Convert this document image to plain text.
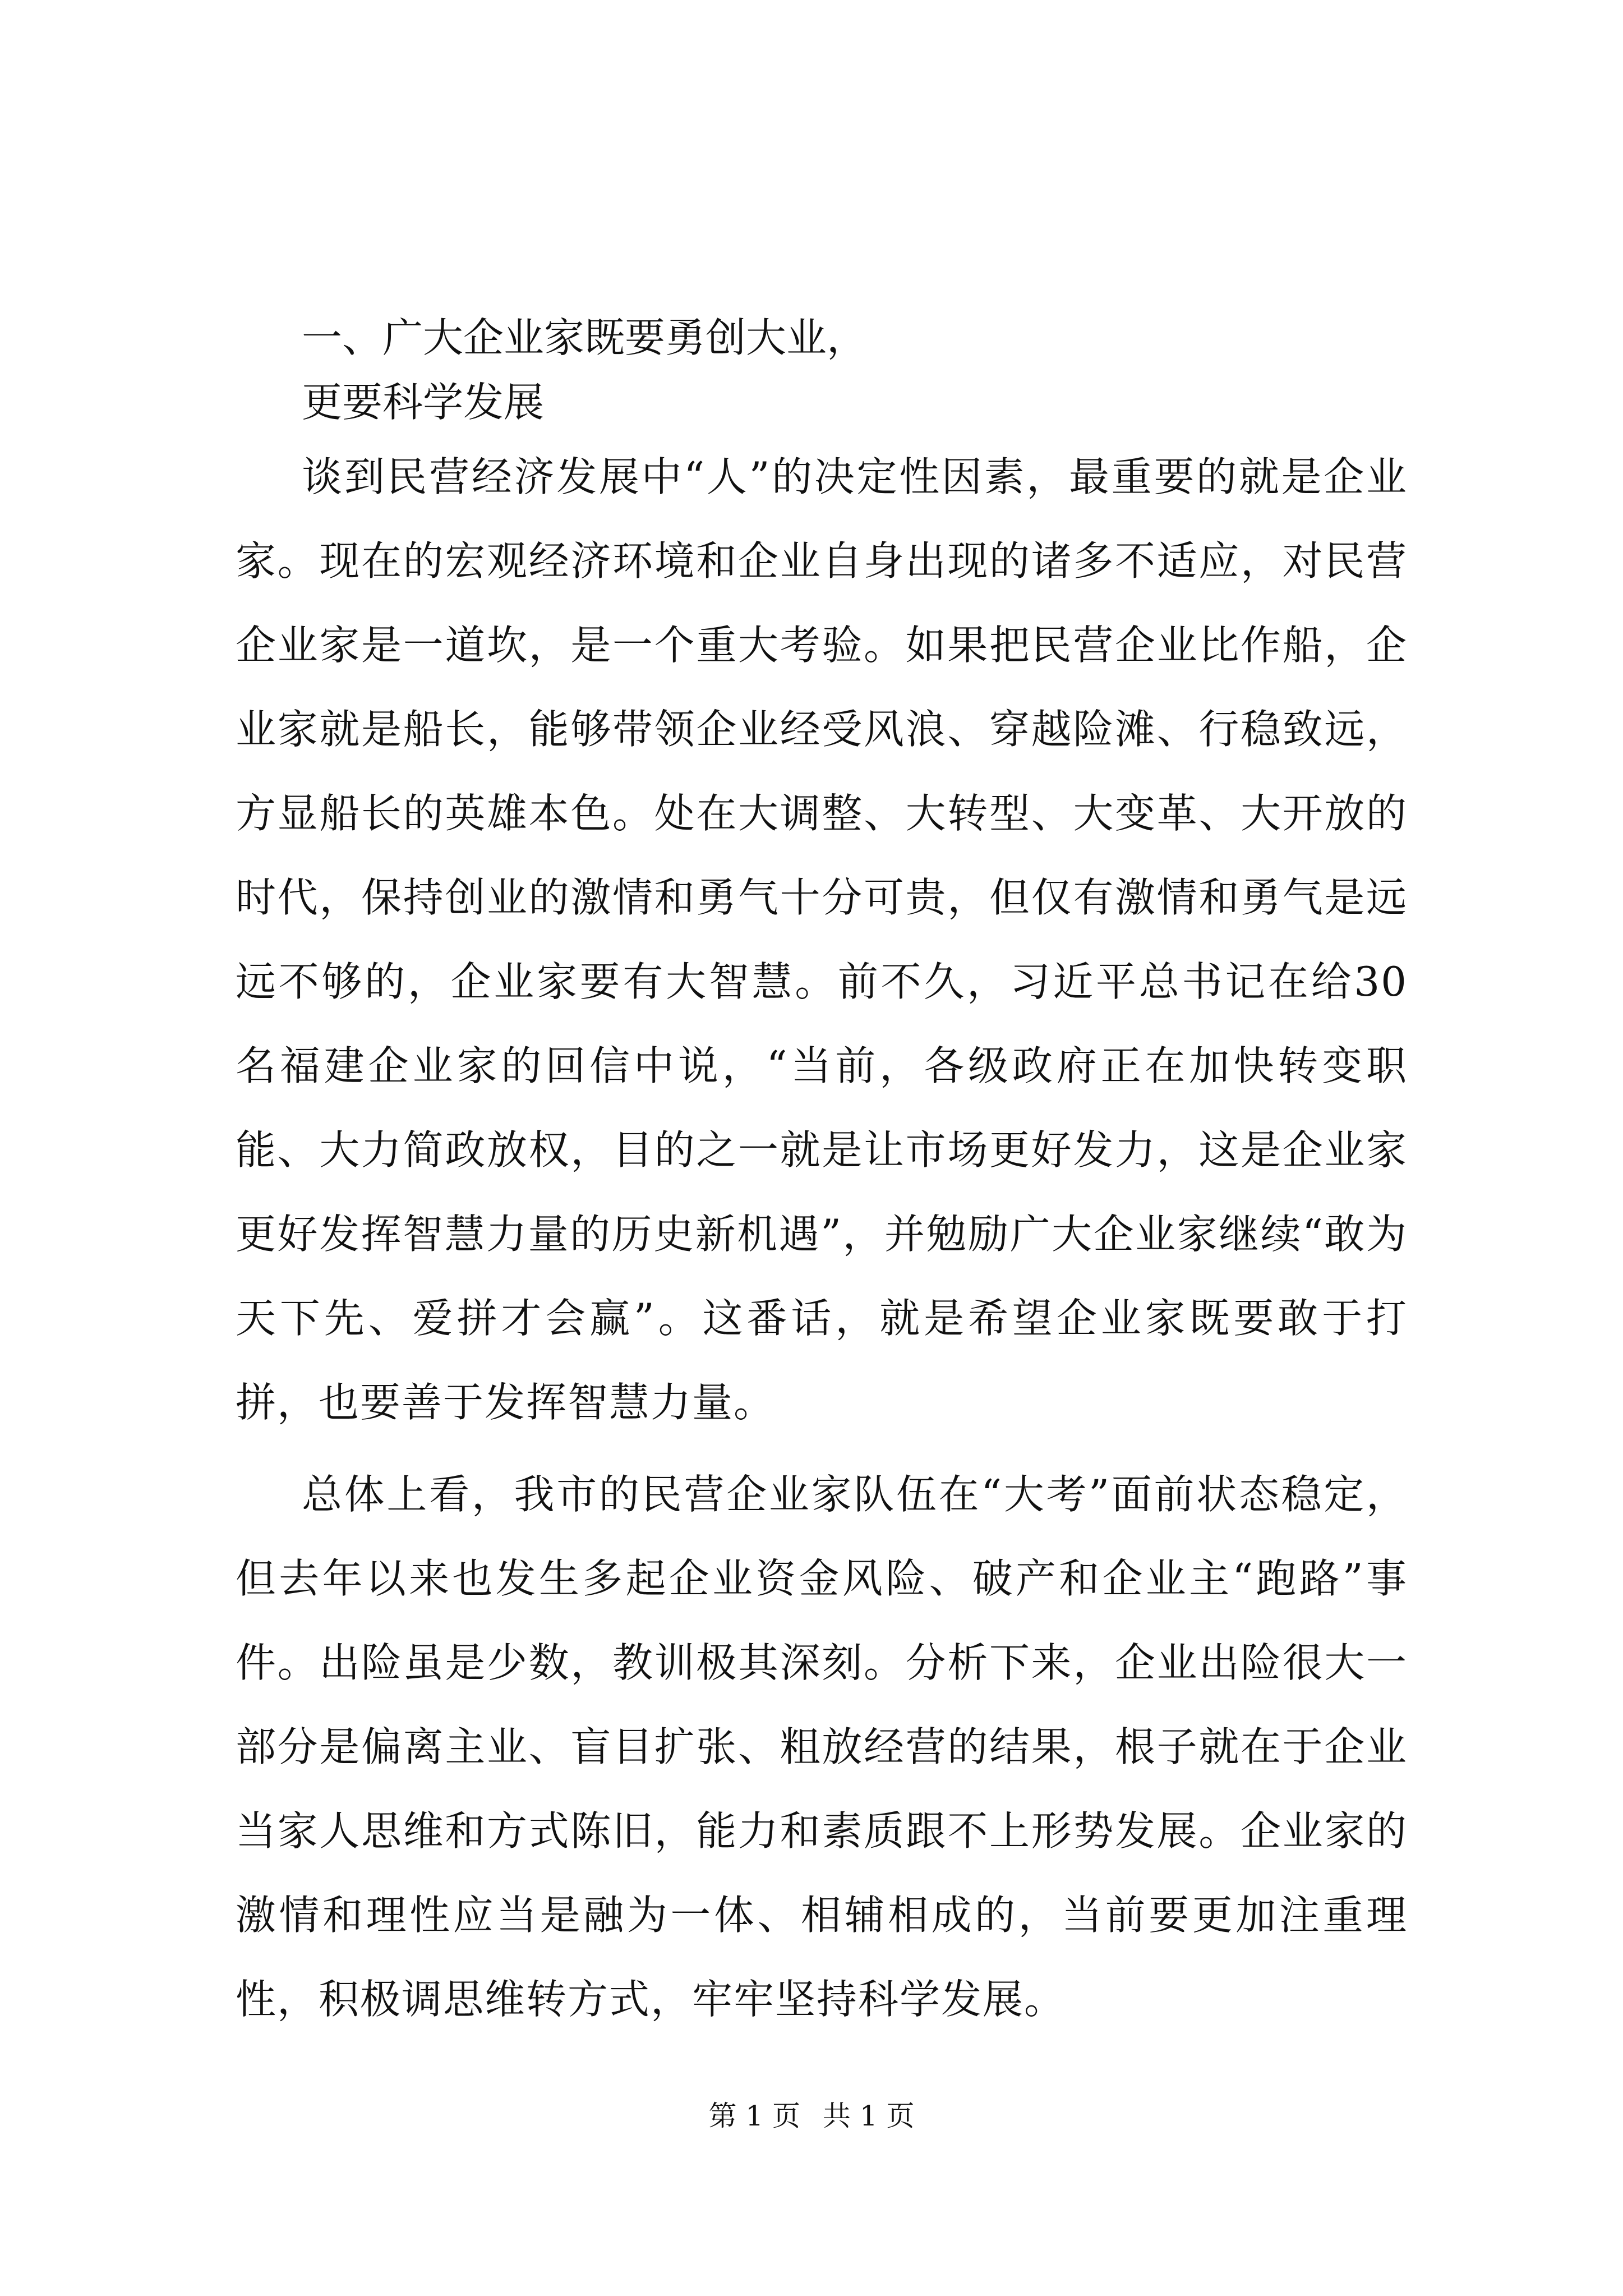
一、广大企业家既要勇创大业，

更要科学发展

谈到民营经济发展中“人”的决定性因素，最重要的就是企业家。现在的宏观经济环境和企业自身出现的诸多不适应，对民营企业家是一道坎，是一个重大考验。如果把民营企业比作船，企业家就是船长，能够带领企业经受风浪、穿越险滩、行稳致远，方显船长的英雄本色。处在大调整、大转型、大变革、大开放的时代，保持创业的激情和勇气十分可贵，但仅有激情和勇气是远远不够的，企业家要有大智慧。前不久，习近平总书记在给30名福建企业家的回信中说，“当前，各级政府正在加快转变职能、大力简政放权，目的之一就是让市场更好发力，这是企业家更好发挥智慧力量的历史新机遇”，并勉励广大企业家继续“敢为天下先、爱拼才会赢”。这番话，就是希望企业家既要敢于打拼，也要善于发挥智慧力量。

总体上看，我市的民营企业家队伍在“大考”面前状态稳定，但去年以来也发生多起企业资金风险、破产和企业主“跑路”事件。出险虽是少数，教训极其深刻。分析下来，企业出险很大一部分是偏离主业、盲目扩张、粗放经营的结果，根子就在于企业当家人思维和方式陈旧，能力和素质跟不上形势发展。企业家的激情和理性应当是融为一体、相辅相成的，当前要更加注重理性，积极调思维转方式，牢牢坚持科学发展。

第 1 页 共 1 页
